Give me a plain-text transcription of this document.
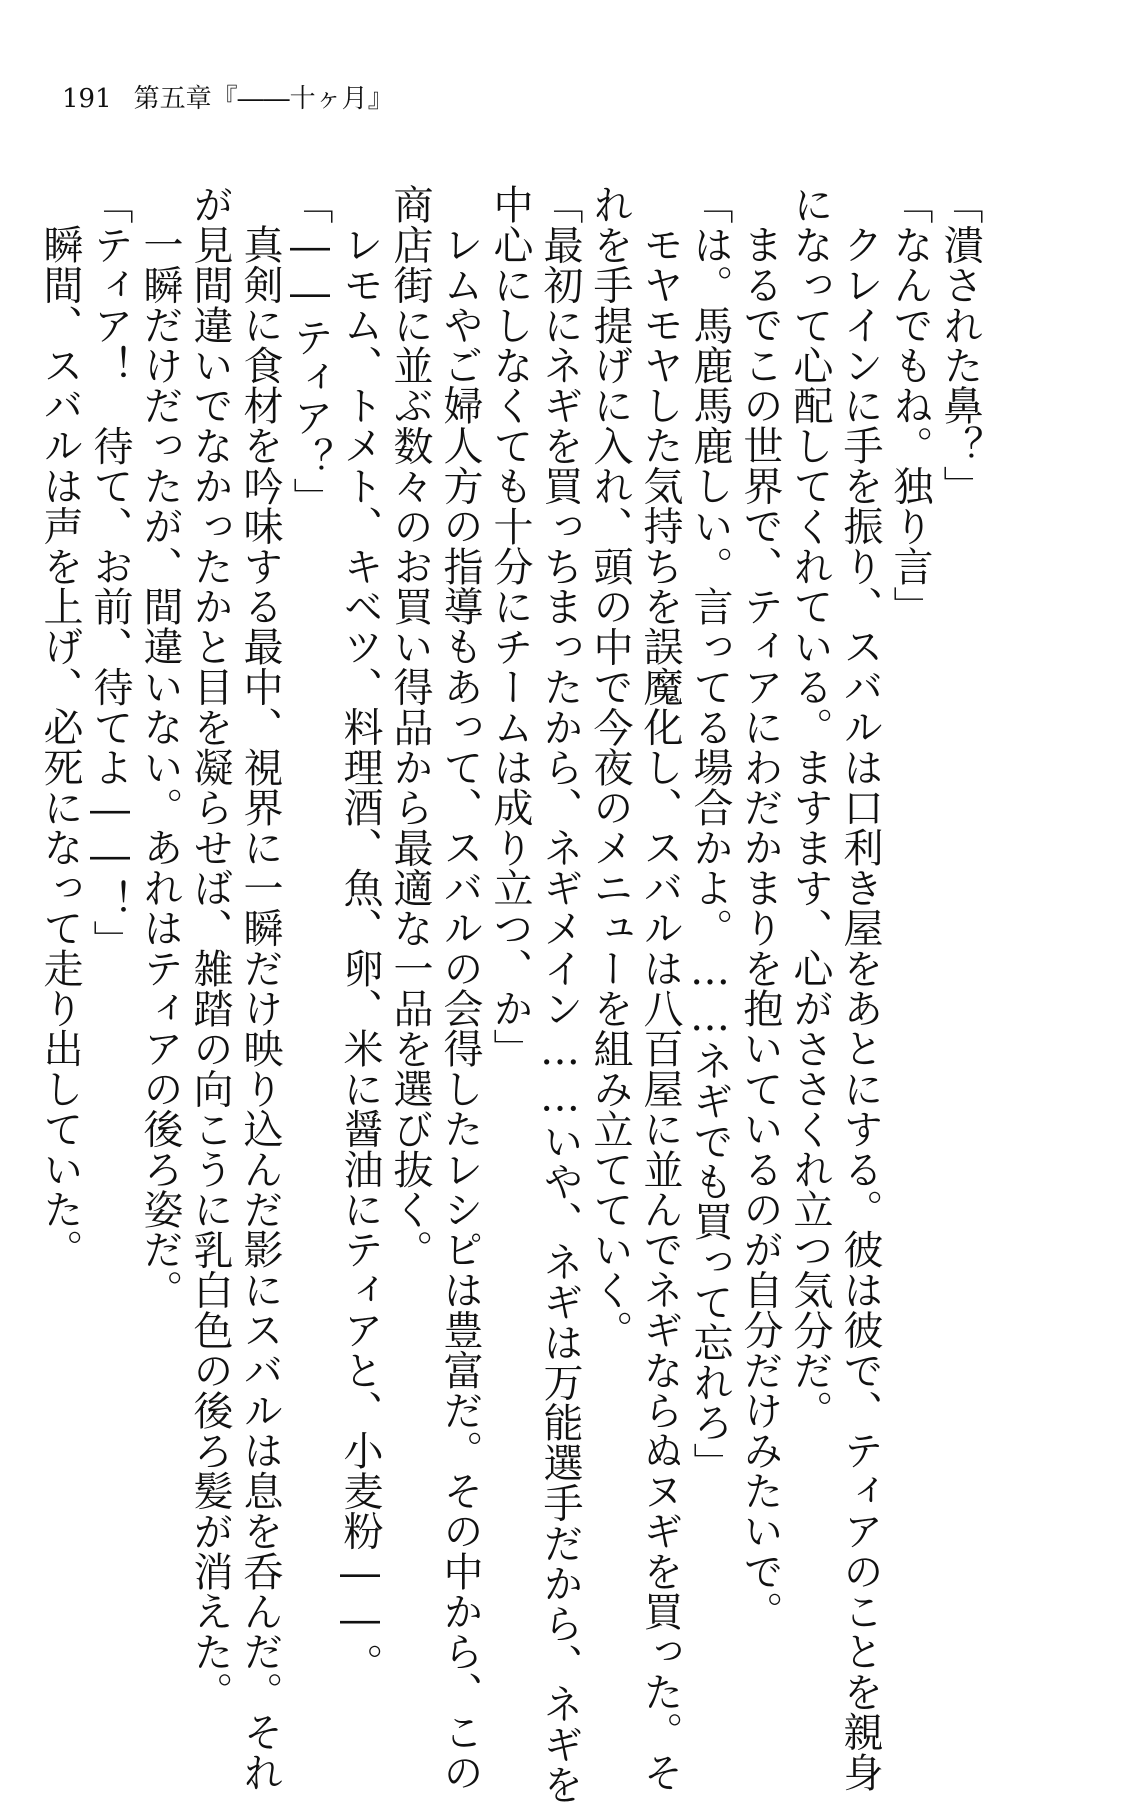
191 第五章『――十ヶ月』
「潰された鼻？」
「なんでもね。独り言」
クレインに手を振り、スバルは口利き屋をあとにする。彼は彼で、ティアのことを親身
になって心配してくれている。ますます、心がささくれ立つ気分だ。
まるでこの世界で、ティアにわだかまりを抱いているのが自分だけみたいで。
「は。馬鹿馬鹿しい。言ってる場合かよ。……ネギでも買って忘れろ」
モヤモヤした気持ちを誤魔化し、スバルは八百屋に並んでネギならぬヌギを買った。そ
れを手提げに入れ、頭の中で今夜のメニューを組み立てていく。
「最初にネギを買っちまったから、ネギメイン……いや、ネギは万能選手だから、ネギを
中心にしなくても十分にチームは成り立つ、か」
レムやご婦人方の指導もあって、スバルの会得したレシピは豊富だ。その中から、この
商店街に並ぶ数々のお買い得品から最適な一品を選び抜く。
レモム、トメト、キベツ、料理酒、魚、卵、米に醤油にティアと、小麦粉――。
「――ティア？」
真剣に食材を吟味する最中、視界に一瞬だけ映り込んだ影にスバルは息を呑んだ。それ
が見間違いでなかったかと目を凝らせば、雑踏の向こうに乳白色の後ろ髪が消えた。
一瞬だけだったが、間違いない。あれはティアの後ろ姿だ。
「ティア！　待て、お前、待てよ――！」
瞬間、スバルは声を上げ、必死になって走り出していた。
